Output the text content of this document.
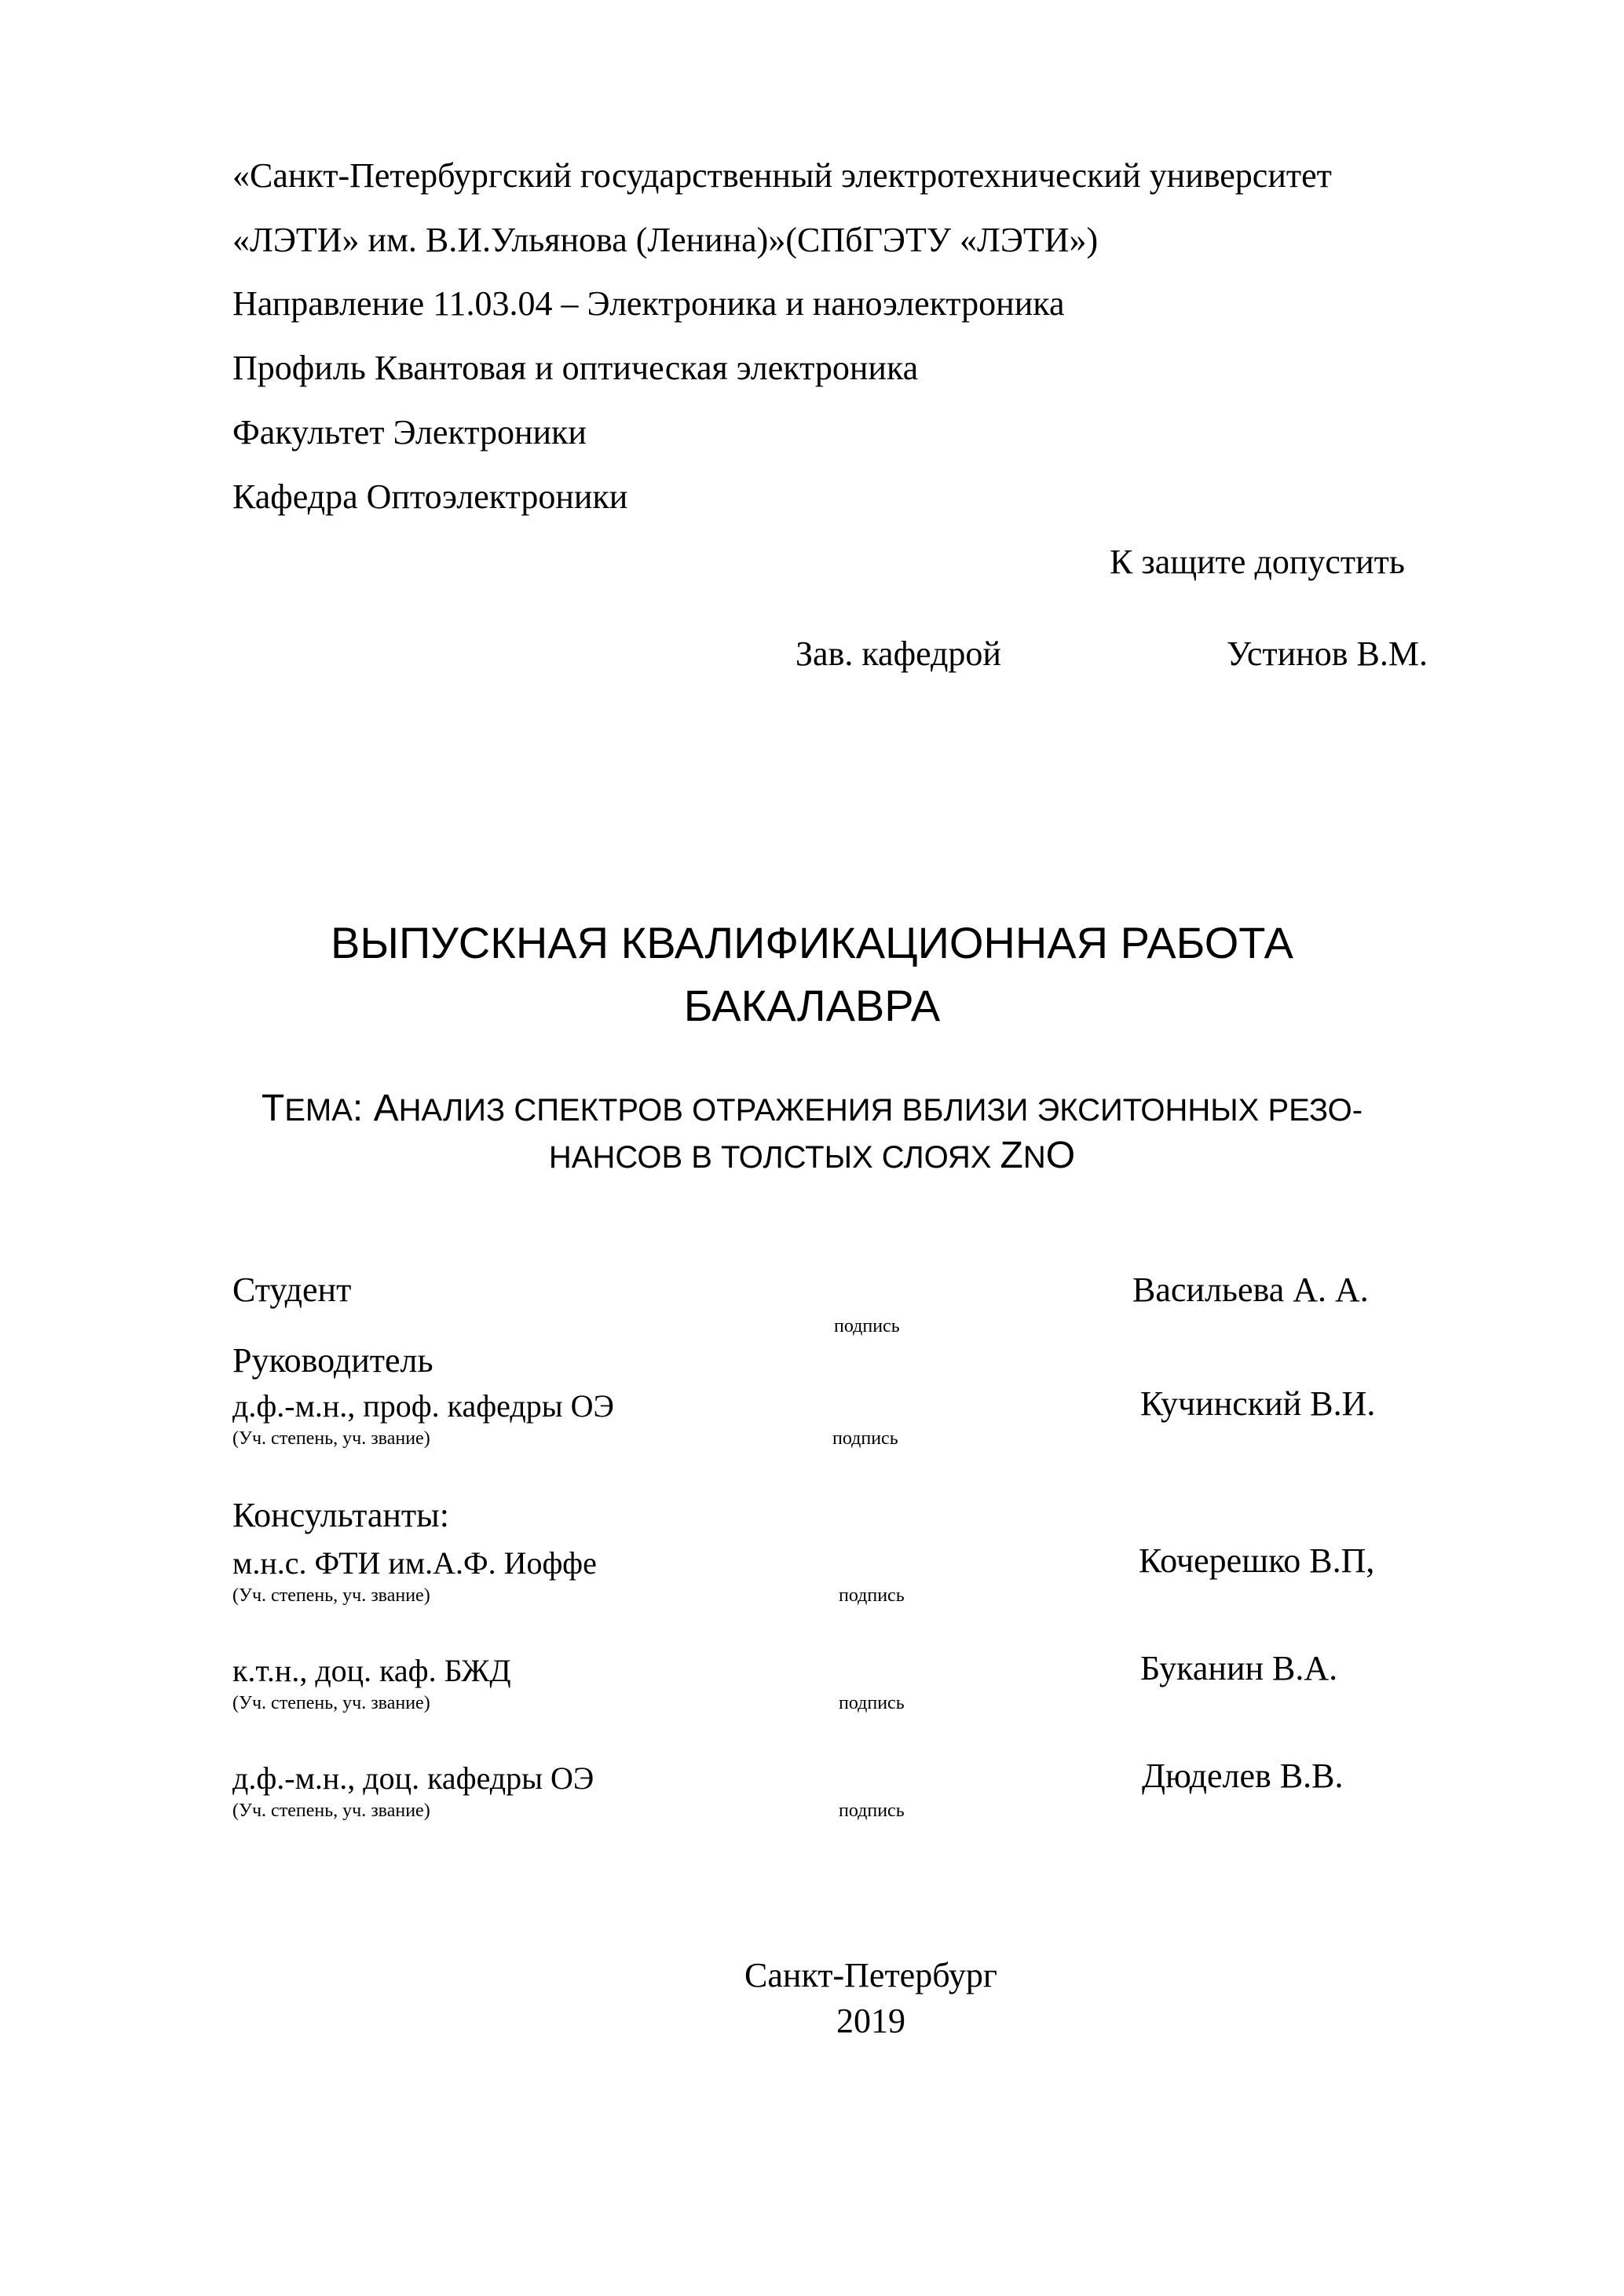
«Санкт-Петербургский государственный электротехнический университет
«ЛЭТИ» им. В.И.Ульянова (Ленина)»(СПбГЭТУ «ЛЭТИ»)
Направление 11.03.04 – Электроника и наноэлектроника
Профиль Квантовая и оптическая электроника
Факультет Электроники
Кафедра Оптоэлектроники
К защите допустить
Зав. кафедрой	Устинов В.М.
ВЫПУСКНАЯ КВАЛИФИКАЦИОННАЯ РАБОТА
БАКАЛАВРА
ТЕМА: АНАЛИЗ СПЕКТРОВ ОТРАЖЕНИЯ ВБЛИЗИ ЭКСИТОННЫХ РЕЗО-
НАНСОВ В ТОЛСТЫХ СЛОЯХ ZNO
Студент	Васильева А. А.
подпись
Руководитель
д.ф.-м.н., проф. кафедры ОЭ	Кучинский В.И.
(Уч. степень, уч. звание)	подпись
Консультанты:
м.н.с. ФТИ им.А.Ф. Иоффе	Кочерешко В.П,
(Уч. степень, уч. звание)	подпись
к.т.н., доц. каф. БЖД	Буканин В.А.
(Уч. степень, уч. звание)	подпись
д.ф.-м.н., доц. кафедры ОЭ	Дюделев В.В.
(Уч. степень, уч. звание)	подпись
Санкт-Петербург
2019
